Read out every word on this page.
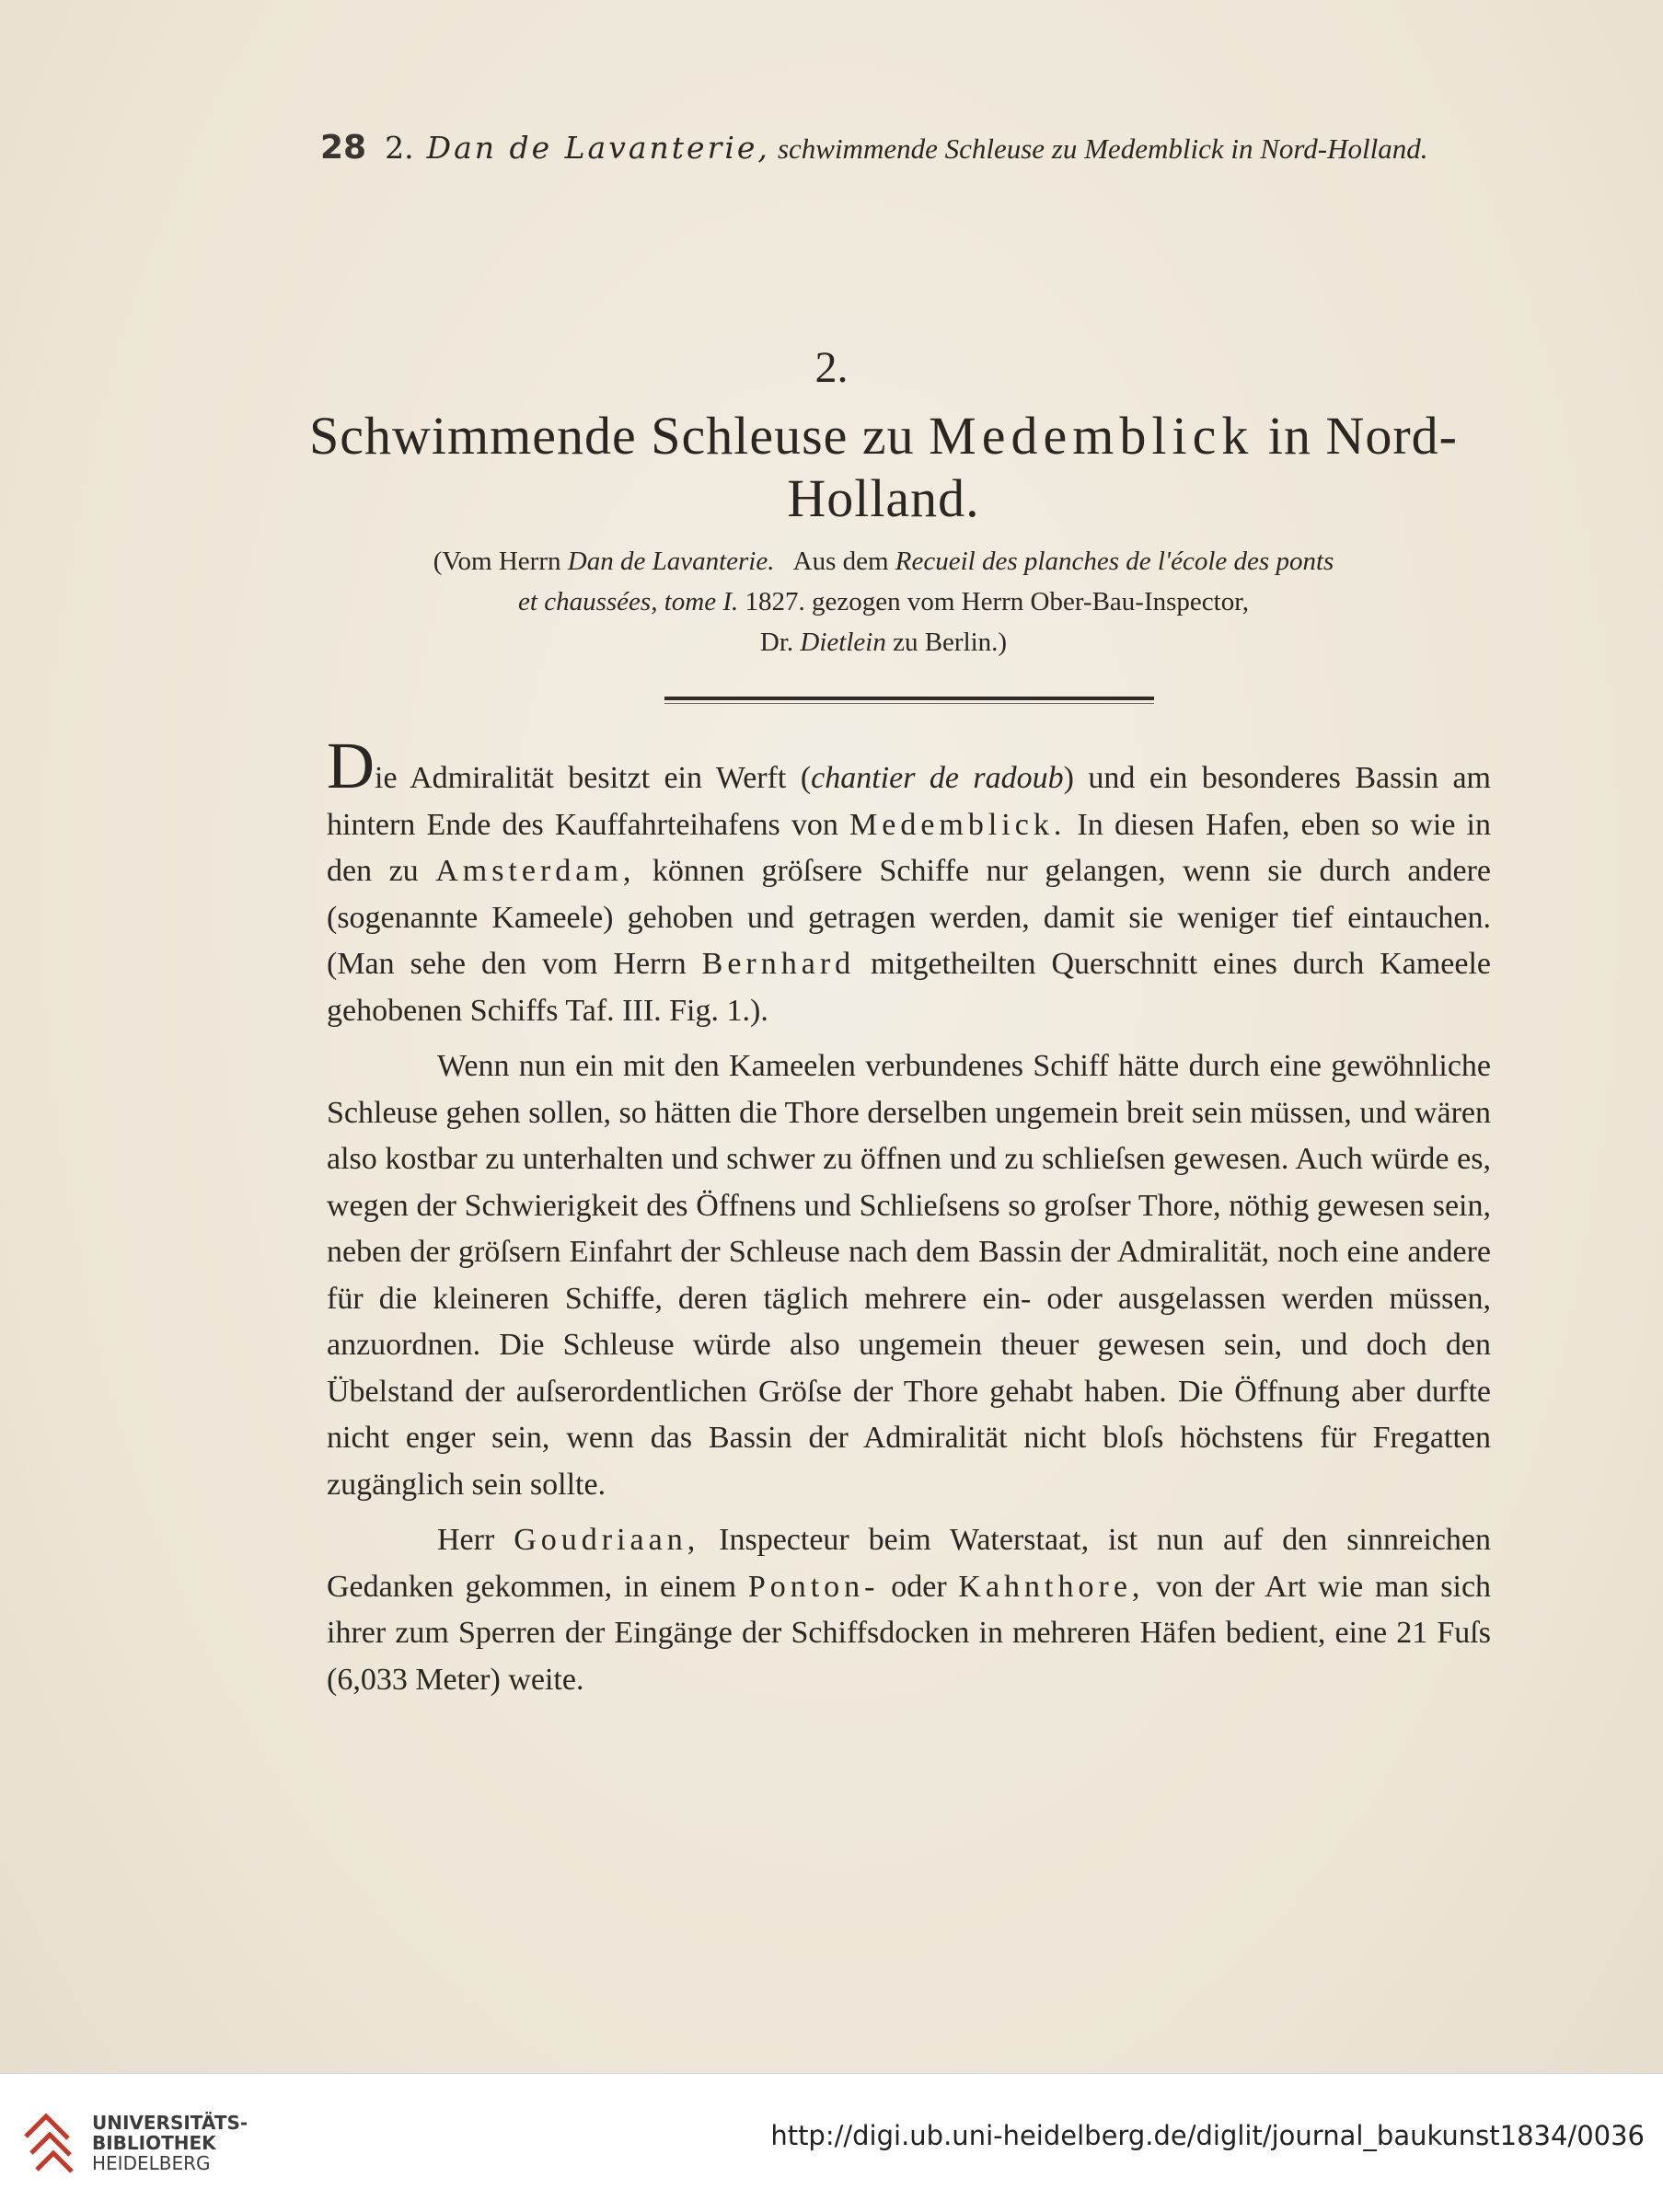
28 2. Dan de Lavanterie, schwimmende Schleuse zu Medemblick in Nord-Holland.
2.
Schwimmende Schleuse zu Medemblick in Nord-
Holland.
(Vom Herrn Dan de Lavanterie. Aus dem Recueil des planches de l'école des ponts
et chaussées, tome I. 1827. gezogen vom Herrn Ober-Bau-Inspector,
Dr. Dietlein zu Berlin.)

Die Admiralität besitzt ein Werft (chantier de radoub) und ein besonderes Bassin am hintern Ende des Kauffahrteihafens von Medemblick. In diesen Hafen, eben so wie in den zu Amsterdam, können gröſsere Schiffe nur gelangen, wenn sie durch andere (sogenannte Kameele) gehoben und getragen werden, damit sie weniger tief eintauchen. (Man sehe den vom Herrn Bernhard mitgetheilten Querschnitt eines durch Kameele gehobenen Schiffs Taf. III. Fig. 1.).

Wenn nun ein mit den Kameelen verbundenes Schiff hätte durch eine gewöhnliche Schleuse gehen sollen, so hätten die Thore derselben ungemein breit sein müssen, und wären also kostbar zu unterhalten und schwer zu öffnen und zu schlieſsen gewesen. Auch würde es, wegen der Schwierigkeit des Öffnens und Schlieſsens so groſser Thore, nöthig gewesen sein, neben der gröſsern Einfahrt der Schleuse nach dem Bassin der Admiralität, noch eine andere für die kleineren Schiffe, deren täglich mehrere ein- oder ausgelassen werden müssen, anzuordnen. Die Schleuse würde also ungemein theuer gewesen sein, und doch den Übelstand der auſserordentlichen Gröſse der Thore gehabt haben. Die Öffnung aber durfte nicht enger sein, wenn das Bassin der Admiralität nicht bloſs höchstens für Fregatten zugänglich sein sollte.

Herr Goudriaan, Inspecteur beim Waterstaat, ist nun auf den sinnreichen Gedanken gekommen, in einem Ponton- oder Kahnthore, von der Art wie man sich ihrer zum Sperren der Eingänge der Schiffsdocken in mehreren Häfen bedient, eine 21 Fuſs (6,033 Meter) weite.

UNIVERSITÄTS-
BIBLIOTHEK
HEIDELBERG
http://digi.ub.uni-heidelberg.de/diglit/journal_baukunst1834/0036
